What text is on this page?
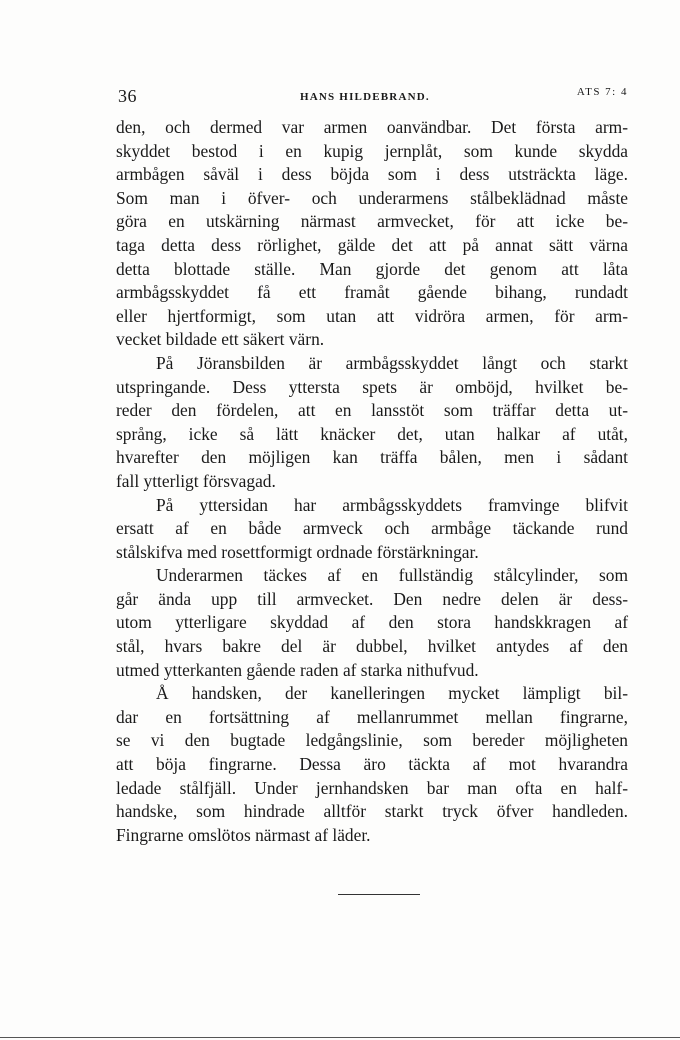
36	HANS HILDEBRAND.	ATS 7: 4
den, och dermed var armen oanvändbar. Det första arm-
skyddet bestod i en kupig jernplåt, som kunde skydda
armbågen såväl i dess böjda som i dess utsträckta läge.
Som man i öfver- och underarmens stålbeklädnad måste
göra en utskärning närmast armvecket, för att icke be-
taga detta dess rörlighet, gälde det att på annat sätt värna
detta blottade ställe. Man gjorde det genom att låta
armbågsskyddet få ett framåt gående bihang, rundadt
eller hjertformigt, som utan att vidröra armen, för arm-
vecket bildade ett säkert värn.
På Jöransbilden är armbågsskyddet långt och starkt
utspringande. Dess yttersta spets är omböjd, hvilket be-
reder den fördelen, att en lansstöt som träffar detta ut-
språng, icke så lätt knäcker det, utan halkar af utåt,
hvarefter den möjligen kan träffa bålen, men i sådant
fall ytterligt försvagad.
På yttersidan har armbågsskyddets framvinge blifvit
ersatt af en både armveck och armbåge täckande rund
stålskifva med rosettformigt ordnade förstärkningar.
Underarmen täckes af en fullständig stålcylinder, som
går ända upp till armvecket. Den nedre delen är dess-
utom ytterligare skyddad af den stora handskkragen af
stål, hvars bakre del är dubbel, hvilket antydes af den
utmed ytterkanten gående raden af starka nithufvud.
Å handsken, der kanelleringen mycket lämpligt bil-
dar en fortsättning af mellanrummet mellan fingrarne,
se vi den bugtade ledgångslinie, som bereder möjligheten
att böja fingrarne. Dessa äro täckta af mot hvarandra
ledade stålfjäll. Under jernhandsken bar man ofta en half-
handske, som hindrade alltför starkt tryck öfver handleden.
Fingrarne omslötos närmast af läder.
